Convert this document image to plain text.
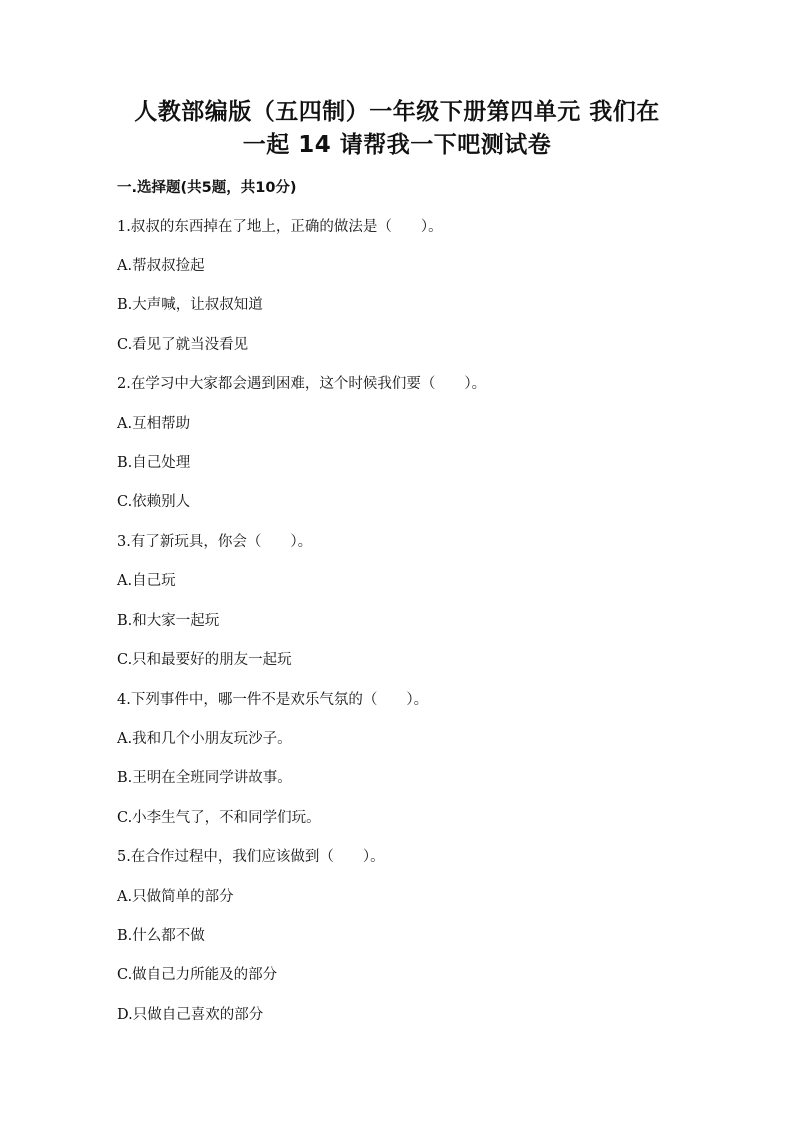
人教部编版（五四制）一年级下册第四单元 我们在
一起 14 请帮我一下吧测试卷
一.选择题(共5题，共10分)
1.叔叔的东西掉在了地上，正确的做法是（　　）。
A.帮叔叔捡起
B.大声喊，让叔叔知道
C.看见了就当没看见
2.在学习中大家都会遇到困难，这个时候我们要（　　）。
A.互相帮助
B.自己处理
C.依赖别人
3.有了新玩具，你会（　　）。
A.自己玩
B.和大家一起玩
C.只和最要好的朋友一起玩
4.下列事件中，哪一件不是欢乐气氛的（　　）。
A.我和几个小朋友玩沙子。
B.王明在全班同学讲故事。
C.小李生气了，不和同学们玩。
5.在合作过程中，我们应该做到（　　）。
A.只做简单的部分
B.什么都不做
C.做自己力所能及的部分
D.只做自己喜欢的部分
